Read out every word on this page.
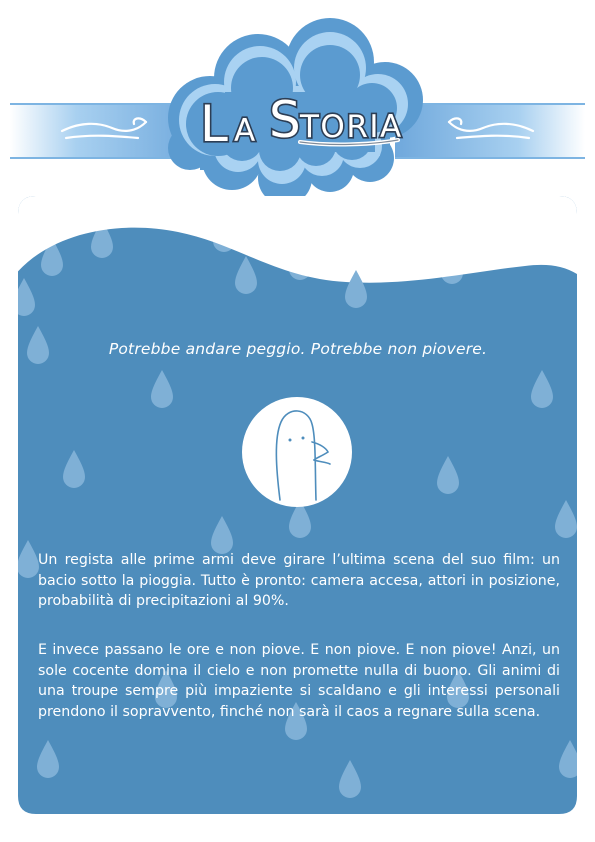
L A S TORIA
Potrebbe andare peggio. Potrebbe non piovere.

Un regista alle prime armi deve girare l’ultima scena del suo film: un bacio sotto la pioggia. Tutto è pronto: camera accesa, attori in posizione, probabilità di precipitazioni al 90%.

E invece passano le ore e non piove. E non piove. E non piove! Anzi, un sole cocente domina il cielo e non promette nulla di buono. Gli animi di una troupe sempre più impaziente si scaldano e gli interessi personali prendono il sopravvento, finché non sarà il caos a regnare sulla scena.
